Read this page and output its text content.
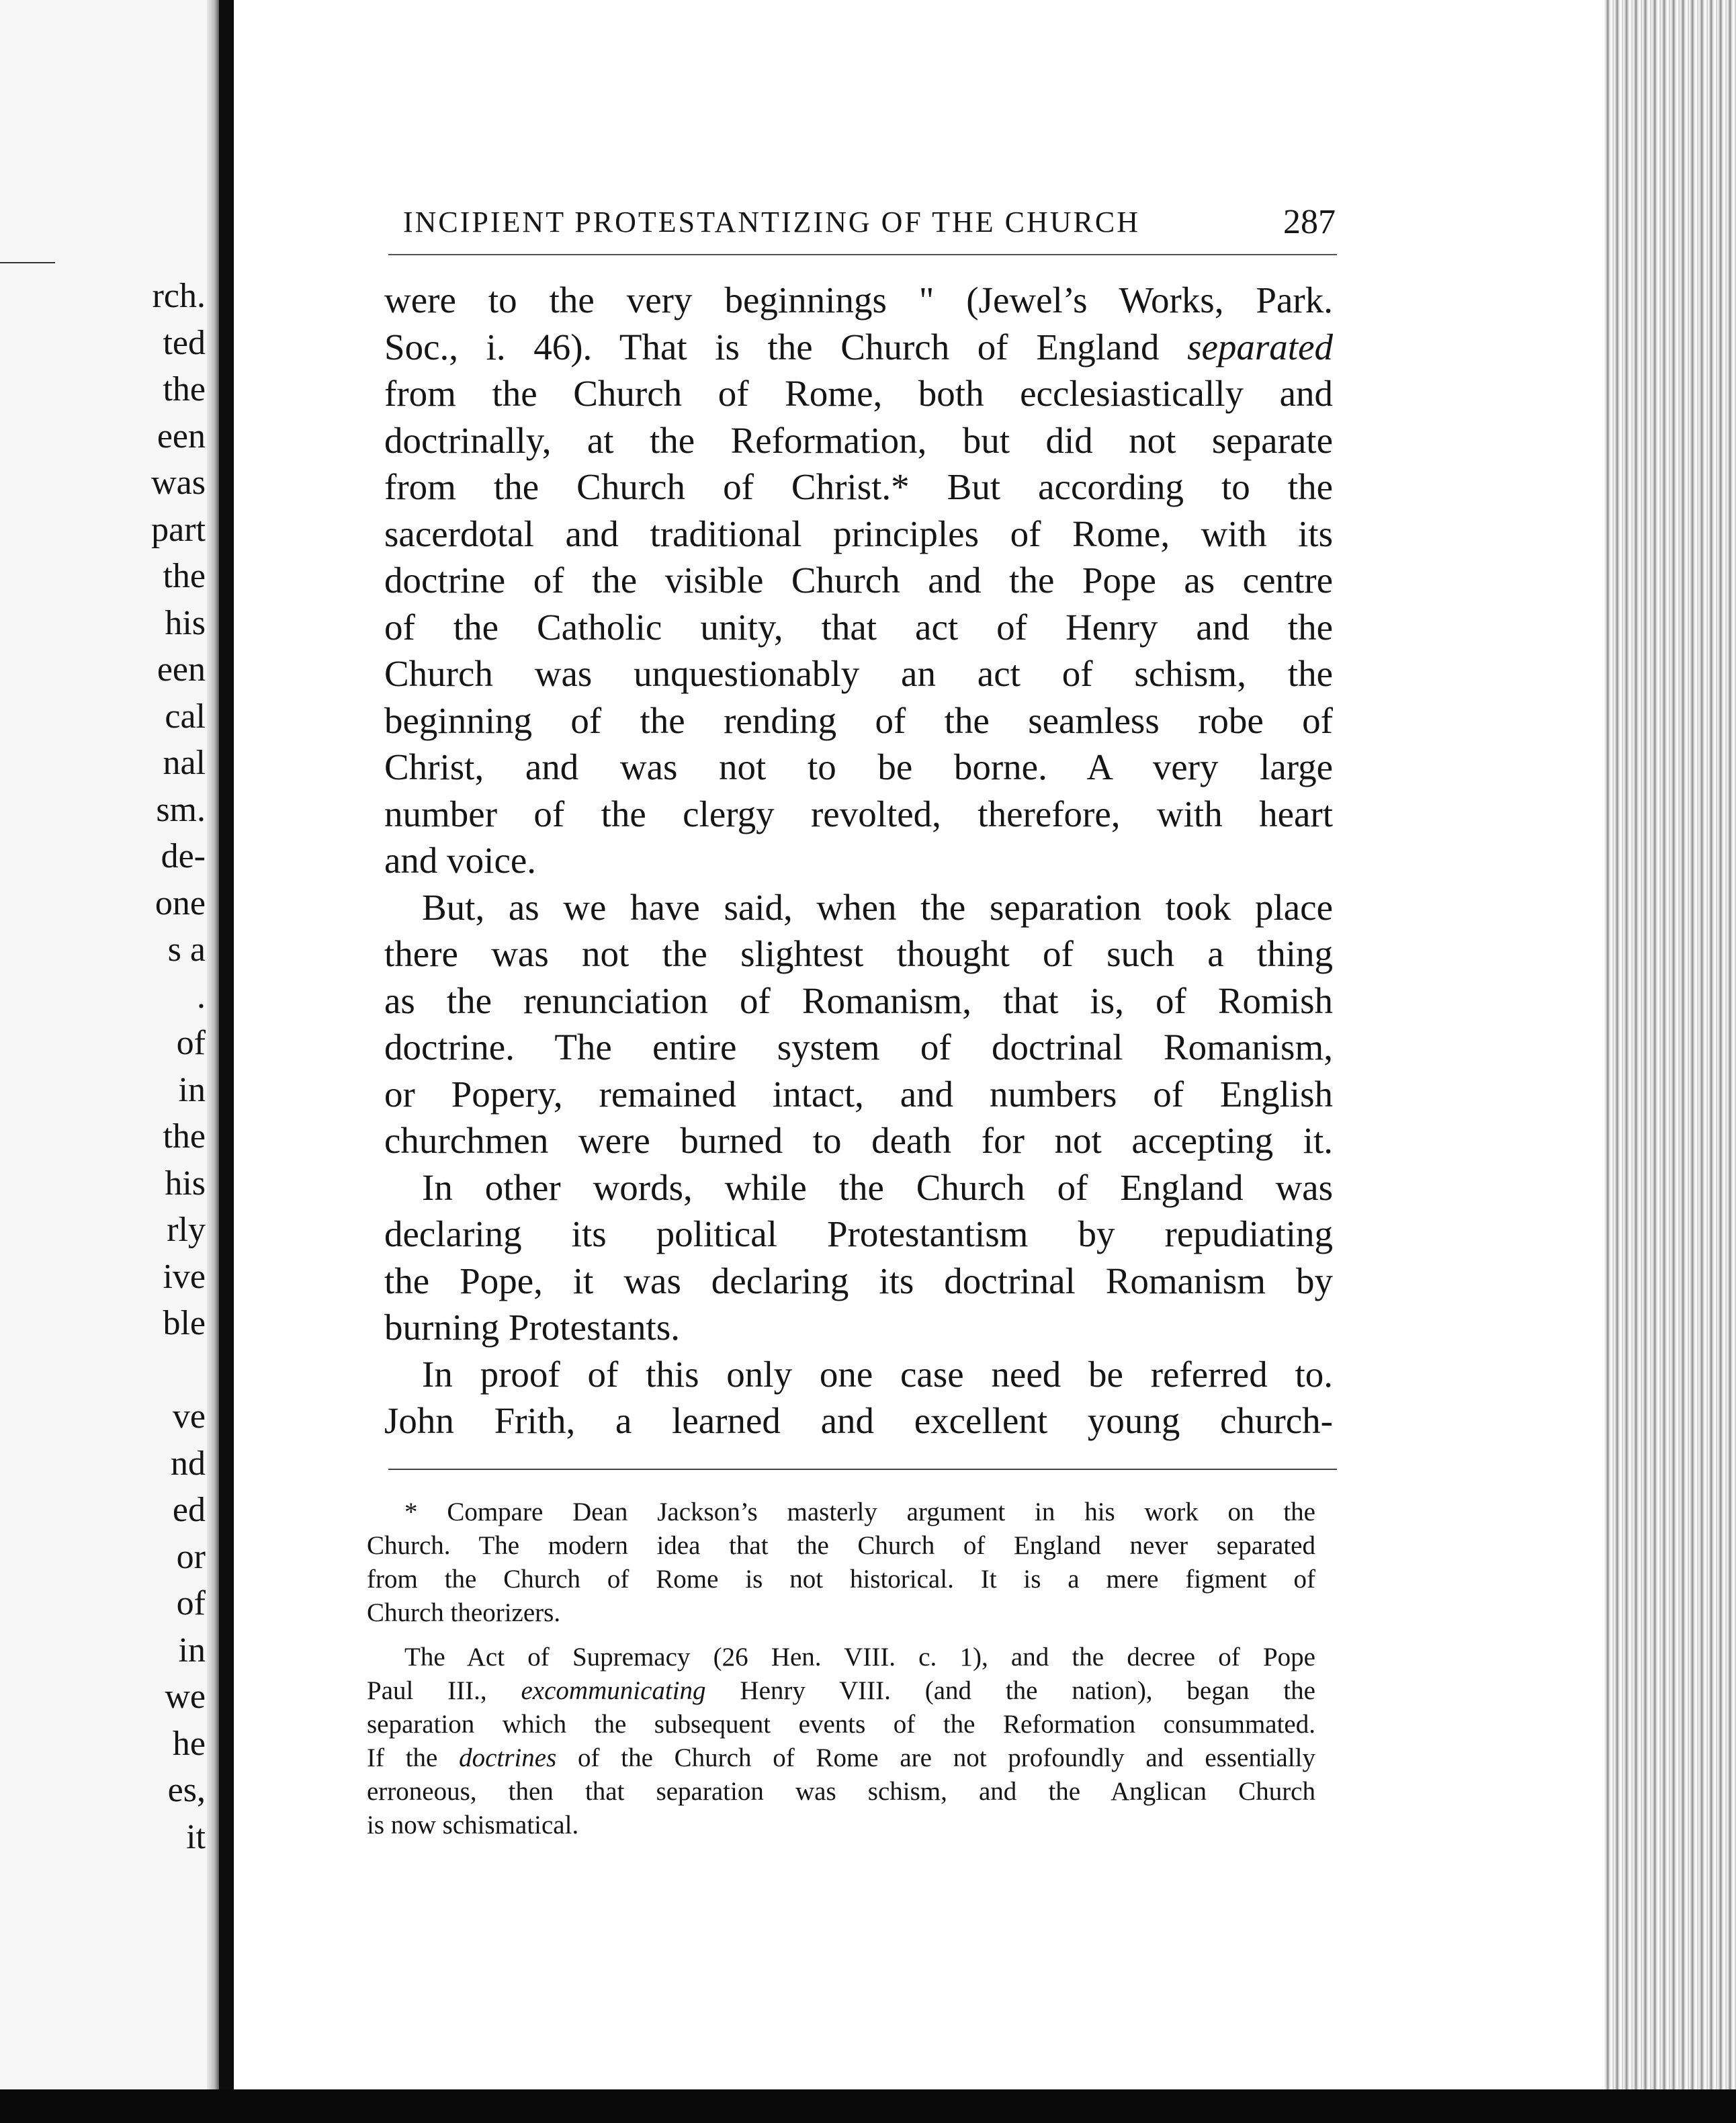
rch.
ted
the
een
was
part
the
his
een
cal
nal
sm.
de-
one
s a
.
of
in
the
his
rly
ive
ble
ve
nd
ed
or
of
in
we
he
es,
it
INCIPIENT PROTESTANTIZING OF THE CHURCH	287
were to the very beginnings " (Jewel’s Works, Park.
Soc., i. 46). That is the Church of England separated
from the Church of Rome, both ecclesiastically and
doctrinally, at the Reformation, but did not separate
from the Church of Christ.* But according to the
sacerdotal and traditional principles of Rome, with its
doctrine of the visible Church and the Pope as centre
of the Catholic unity, that act of Henry and the
Church was unquestionably an act of schism, the
beginning of the rending of the seamless robe of
Christ, and was not to be borne. A very large
number of the clergy revolted, therefore, with heart
and voice.
But, as we have said, when the separation took place
there was not the slightest thought of such a thing
as the renunciation of Romanism, that is, of Romish
doctrine. The entire system of doctrinal Romanism,
or Popery, remained intact, and numbers of English
churchmen were burned to death for not accepting it.
In other words, while the Church of England was
declaring its political Protestantism by repudiating
the Pope, it was declaring its doctrinal Romanism by
burning Protestants.
In proof of this only one case need be referred to.
John Frith, a learned and excellent young church-
* Compare Dean Jackson’s masterly argument in his work on the
Church. The modern idea that the Church of England never separated
from the Church of Rome is not historical. It is a mere figment of
Church theorizers.
The Act of Supremacy (26 Hen. VIII. c. 1), and the decree of Pope
Paul III., excommunicating Henry VIII. (and the nation), began the
separation which the subsequent events of the Reformation consummated.
If the doctrines of the Church of Rome are not profoundly and essentially
erroneous, then that separation was schism, and the Anglican Church
is now schismatical.
